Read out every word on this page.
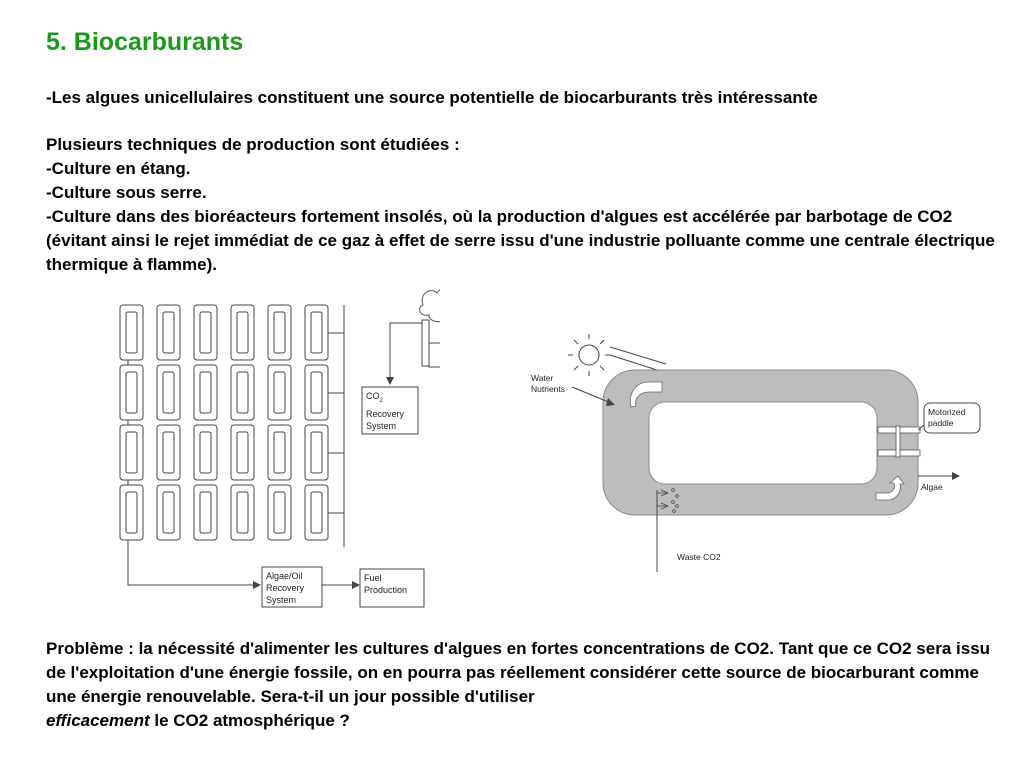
5. Biocarburants
-Les algues unicellulaires constituent une source potentielle de biocarburants très intéressante
Plusieurs techniques de production sont étudiées :
-Culture en étang.
-Culture sous serre.
-Culture dans des bioréacteurs fortement insolés, où la production d'algues est accélérée par barbotage de CO2 (évitant ainsi le rejet immédiat de ce gaz à effet de serre issu d'une industrie polluante comme une centrale électrique thermique à flamme).
$CO_2$
Recovery
System
Algae/Oil
Recovery
System
Fuel
Production
Water
Nutrients
Motorized
paddle
Algae
Waste CO2
Problème : la nécessité d'alimenter les cultures d'algues en fortes concentrations de CO2. Tant que ce CO2 sera issu de l'exploitation d'une énergie fossile, on en pourra pas réellement considérer cette source de biocarburant comme une énergie renouvelable. Sera-t-il un jour possible d'utiliser
efficacement le CO2 atmosphérique ?
